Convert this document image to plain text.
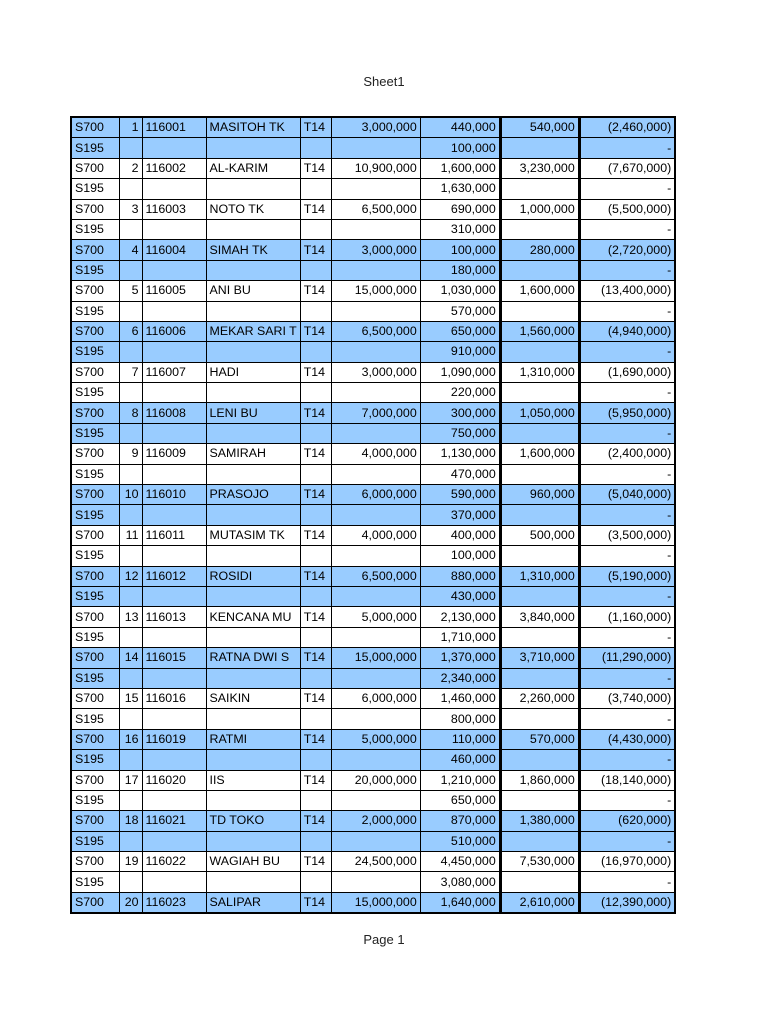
Sheet1
S700	1	116001	MASITOH TK	T14	3,000,000	440,000	540,000	(2,460,000)
S195						100,000		-
S700	2	116002	AL-KARIM	T14	10,900,000	1,600,000	3,230,000	(7,670,000)
S195						1,630,000		-
S700	3	116003	NOTO TK	T14	6,500,000	690,000	1,000,000	(5,500,000)
S195						310,000		-
S700	4	116004	SIMAH TK	T14	3,000,000	100,000	280,000	(2,720,000)
S195						180,000		-
S700	5	116005	ANI BU	T14	15,000,000	1,030,000	1,600,000	(13,400,000)
S195						570,000		-
S700	6	116006	MEKAR SARI T	T14	6,500,000	650,000	1,560,000	(4,940,000)
S195						910,000		-
S700	7	116007	HADI	T14	3,000,000	1,090,000	1,310,000	(1,690,000)
S195						220,000		-
S700	8	116008	LENI BU	T14	7,000,000	300,000	1,050,000	(5,950,000)
S195						750,000		-
S700	9	116009	SAMIRAH	T14	4,000,000	1,130,000	1,600,000	(2,400,000)
S195						470,000		-
S700	10	116010	PRASOJO	T14	6,000,000	590,000	960,000	(5,040,000)
S195						370,000		-
S700	11	116011	MUTASIM TK	T14	4,000,000	400,000	500,000	(3,500,000)
S195						100,000		-
S700	12	116012	ROSIDI	T14	6,500,000	880,000	1,310,000	(5,190,000)
S195						430,000		-
S700	13	116013	KENCANA MU	T14	5,000,000	2,130,000	3,840,000	(1,160,000)
S195						1,710,000		-
S700	14	116015	RATNA DWI S	T14	15,000,000	1,370,000	3,710,000	(11,290,000)
S195						2,340,000		-
S700	15	116016	SAIKIN	T14	6,000,000	1,460,000	2,260,000	(3,740,000)
S195						800,000		-
S700	16	116019	RATMI	T14	5,000,000	110,000	570,000	(4,430,000)
S195						460,000		-
S700	17	116020	IIS	T14	20,000,000	1,210,000	1,860,000	(18,140,000)
S195						650,000		-
S700	18	116021	TD TOKO	T14	2,000,000	870,000	1,380,000	(620,000)
S195						510,000		-
S700	19	116022	WAGIAH BU	T14	24,500,000	4,450,000	7,530,000	(16,970,000)
S195						3,080,000		-
S700	20	116023	SALIPAR	T14	15,000,000	1,640,000	2,610,000	(12,390,000)
Page 1
